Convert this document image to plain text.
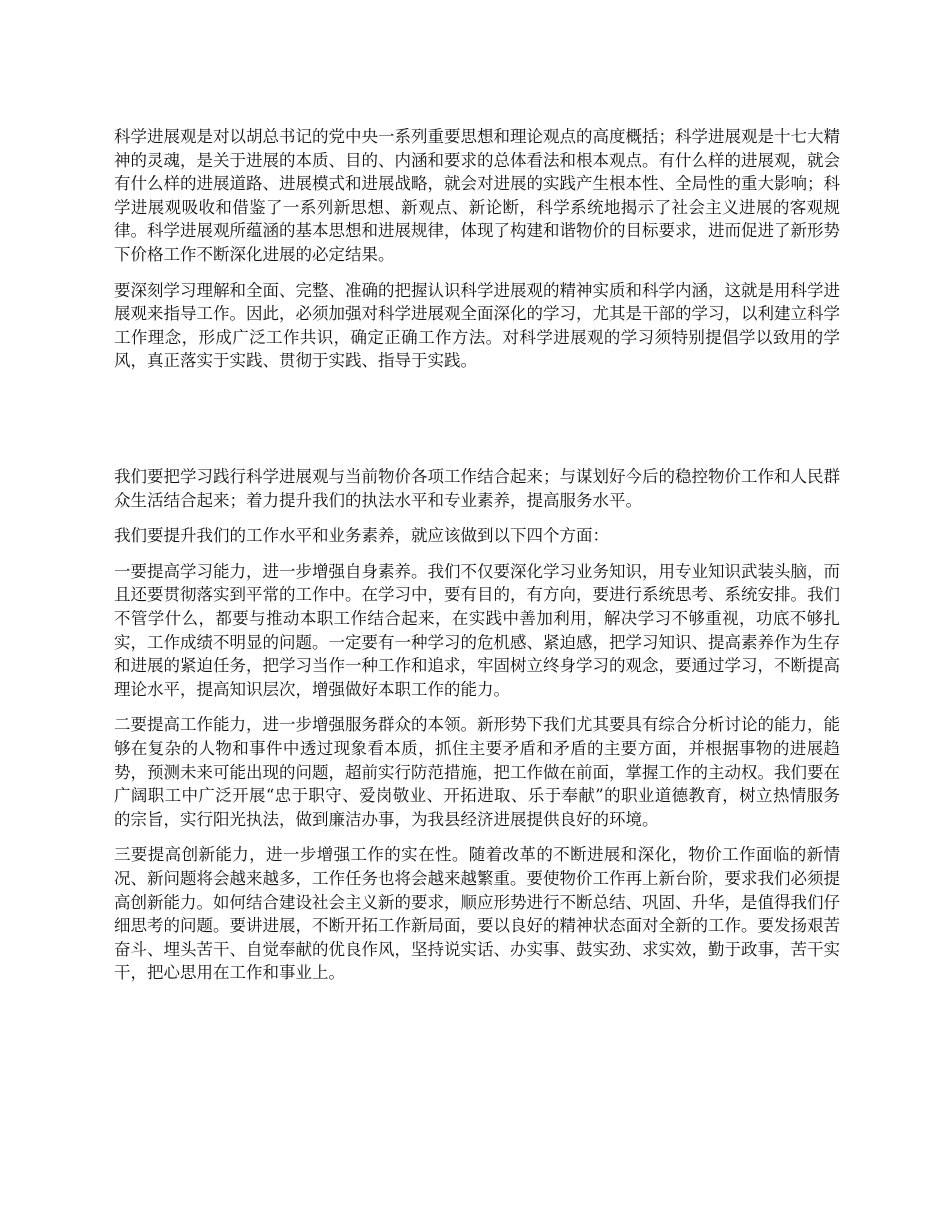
科学进展观是对以胡总书记的党中央一系列重要思想和理论观点的高度概括；科学进展观是十七大精神的灵魂，是关于进展的本质、目的、内涵和要求的总体看法和根本观点。有什么样的进展观，就会有什么样的进展道路、进展模式和进展战略，就会对进展的实践产生根本性、全局性的重大影响；科学进展观吸收和借鉴了一系列新思想、新观点、新论断，科学系统地揭示了社会主义进展的客观规律。科学进展观所蕴涵的基本思想和进展规律，体现了构建和谐物价的目标要求，进而促进了新形势下价格工作不断深化进展的必定结果。

要深刻学习理解和全面、完整、准确的把握认识科学进展观的精神实质和科学内涵，这就是用科学进展观来指导工作。因此，必须加强对科学进展观全面深化的学习，尤其是干部的学习，以利建立科学工作理念，形成广泛工作共识，确定正确工作方法。对科学进展观的学习须特别提倡学以致用的学风，真正落实于实践、贯彻于实践、指导于实践。

我们要把学习践行科学进展观与当前物价各项工作结合起来；与谋划好今后的稳控物价工作和人民群众生活结合起来；着力提升我们的执法水平和专业素养，提高服务水平。

我们要提升我们的工作水平和业务素养，就应该做到以下四个方面：

一要提高学习能力，进一步增强自身素养。我们不仅要深化学习业务知识，用专业知识武装头脑，而且还要贯彻落实到平常的工作中。在学习中，要有目的，有方向，要进行系统思考、系统安排。我们不管学什么，都要与推动本职工作结合起来，在实践中善加利用，解决学习不够重视，功底不够扎实，工作成绩不明显的问题。一定要有一种学习的危机感、紧迫感，把学习知识、提高素养作为生存和进展的紧迫任务，把学习当作一种工作和追求，牢固树立终身学习的观念，要通过学习，不断提高理论水平，提高知识层次，增强做好本职工作的能力。

二要提高工作能力，进一步增强服务群众的本领。新形势下我们尤其要具有综合分析讨论的能力，能够在复杂的人物和事件中透过现象看本质，抓住主要矛盾和矛盾的主要方面，并根据事物的进展趋势，预测未来可能出现的问题，超前实行防范措施，把工作做在前面，掌握工作的主动权。我们要在广阔职工中广泛开展“忠于职守、爱岗敬业、开拓进取、乐于奉献”的职业道德教育，树立热情服务的宗旨，实行阳光执法，做到廉洁办事，为我县经济进展提供良好的环境。

三要提高创新能力，进一步增强工作的实在性。随着改革的不断进展和深化，物价工作面临的新情况、新问题将会越来越多，工作任务也将会越来越繁重。要使物价工作再上新台阶，要求我们必须提高创新能力。如何结合建设社会主义新的要求，顺应形势进行不断总结、巩固、升华，是值得我们仔细思考的问题。要讲进展，不断开拓工作新局面，要以良好的精神状态面对全新的工作。要发扬艰苦奋斗、埋头苦干、自觉奉献的优良作风，坚持说实话、办实事、鼓实劲、求实效，勤于政事，苦干实干，把心思用在工作和事业上。
